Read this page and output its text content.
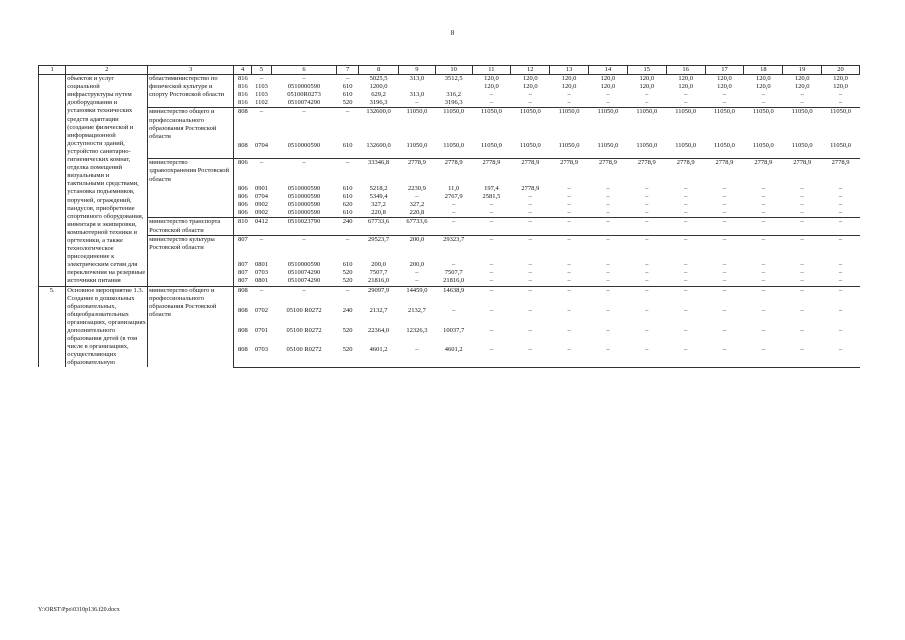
8
1	2	3	4	5	6	7	8	9	10	11	12	13	14	15	16	17	18	19	20
	объектов и услуг социальной инфраструктуры путем дооборудования и установки технических средств адаптации (создание физической и информационной доступности зданий, устройство санитарно-гигиенических комнат, отделка помещений визуальными и тактильными средствами, установка подъемников, поручней, ограждений, пандусов, приобретение спортивного оборудования, инвентаря и экипировки, компьютерной техники и оргтехники, а также технологическое присоединение к электрическим сетям для переключения на резервные источники питания	областиминистерство по физической культуре и спорту Ростовской области	816	–	–	–	5025,5	313,0	3512,5	120,0	120,0	120,0	120,0	120,0	120,0	120,0	120,0	120,0	120,0
			816	1103	0510000590	610	1200,0			120,0	120,0	120,0	120,0	120,0	120,0	120,0	120,0	120,0	120,0
			816	1103	05100R0273	610	629,2	313,0	316,2	–	–	–	–	–	–	–	–	–	–
			816	1102	0510074290	520	3196,3	–	3196,3	–	–	–	–	–	–	–	–	–	–
		министерство общего и профессионального образования Ростовской области	808	–	–	–	132600,0	11050,0	11050,0	11050,0	11050,0	11050,0	11050,0	11050,0	11050,0	11050,0	11050,0	11050,0	11050,0
			808	0704	0510000590	610	132600,0	11050,0	11050,0	11050,0	11050,0	11050,0	11050,0	11050,0	11050,0	11050,0	11050,0	11050,0	11050,0
		министерство здравоохранения Ростовской области	806	–	–	–	33346,8	2778,9	2778,9	2778,9	2778,9	2778,9	2778,9	2778,9	2778,9	2778,9	2778,9	2778,9	2778,9
			806	0901	0510000590	610	5218,2	2230,9	11,0	197,4	2778,9	–	–	–	–	–	–	–	–
			806	0704	0510000590	610	5349,4	–	2767,9	2581,5	–	–	–	–	–	–	–	–	–
			806	0902	0510000590	620	327,2	327,2	–	–	–	–	–	–	–	–	–	–	–
			806	0902	0510000590	610	220,8	220,8	–	–	–	–	–	–	–	–	–	–	–
		министерство транспорта Ростовской области	810	0412	0510023790	240	67733,6	67733,6	–	–	–	–	–	–	–	–	–	–	–
		министерство культуры Ростовской области	807	–	–	–	29523,7	200,0	29323,7	–	–	–	–	–	–	–	–	–	–
			807	0801	0510000590	610	200,0	200,0	–	–	–	–	–	–	–	–	–	–	–
			807	0703	0510074290	520	7507,7	–	7507,7	–	–	–	–	–	–	–	–	–	–
			807	0801	0510074290	520	21816,0	–	21816,0	–	–	–	–	–	–	–	–	–	–

5.	Основное мероприятие 1.3. Создание в дошкольных образовательных, общеобразовательных организациях, организациях дополнительного образования детей (в том числе в организациях, осуществляющих образовательную	министерство общего и профессионального образования Ростовской области	808	–	–	–	29097,9	14459,0	14638,9	–	–	–	–	–	–	–	–	–	–
			808	0702	05100 R0272	240	2132,7	2132,7	–	–	–	–	–	–	–	–	–	–	–
			808	0701	05100 R0272	520	22364,0	12326,3	10037,7	–	–	–	–	–	–	–	–	–	–
			808	0703	05100 R0272	520	4601,2	–	4601,2	–	–	–	–	–	–	–	–	–	–

Y:\ORST\Ppo\0310p136.f20.docx
